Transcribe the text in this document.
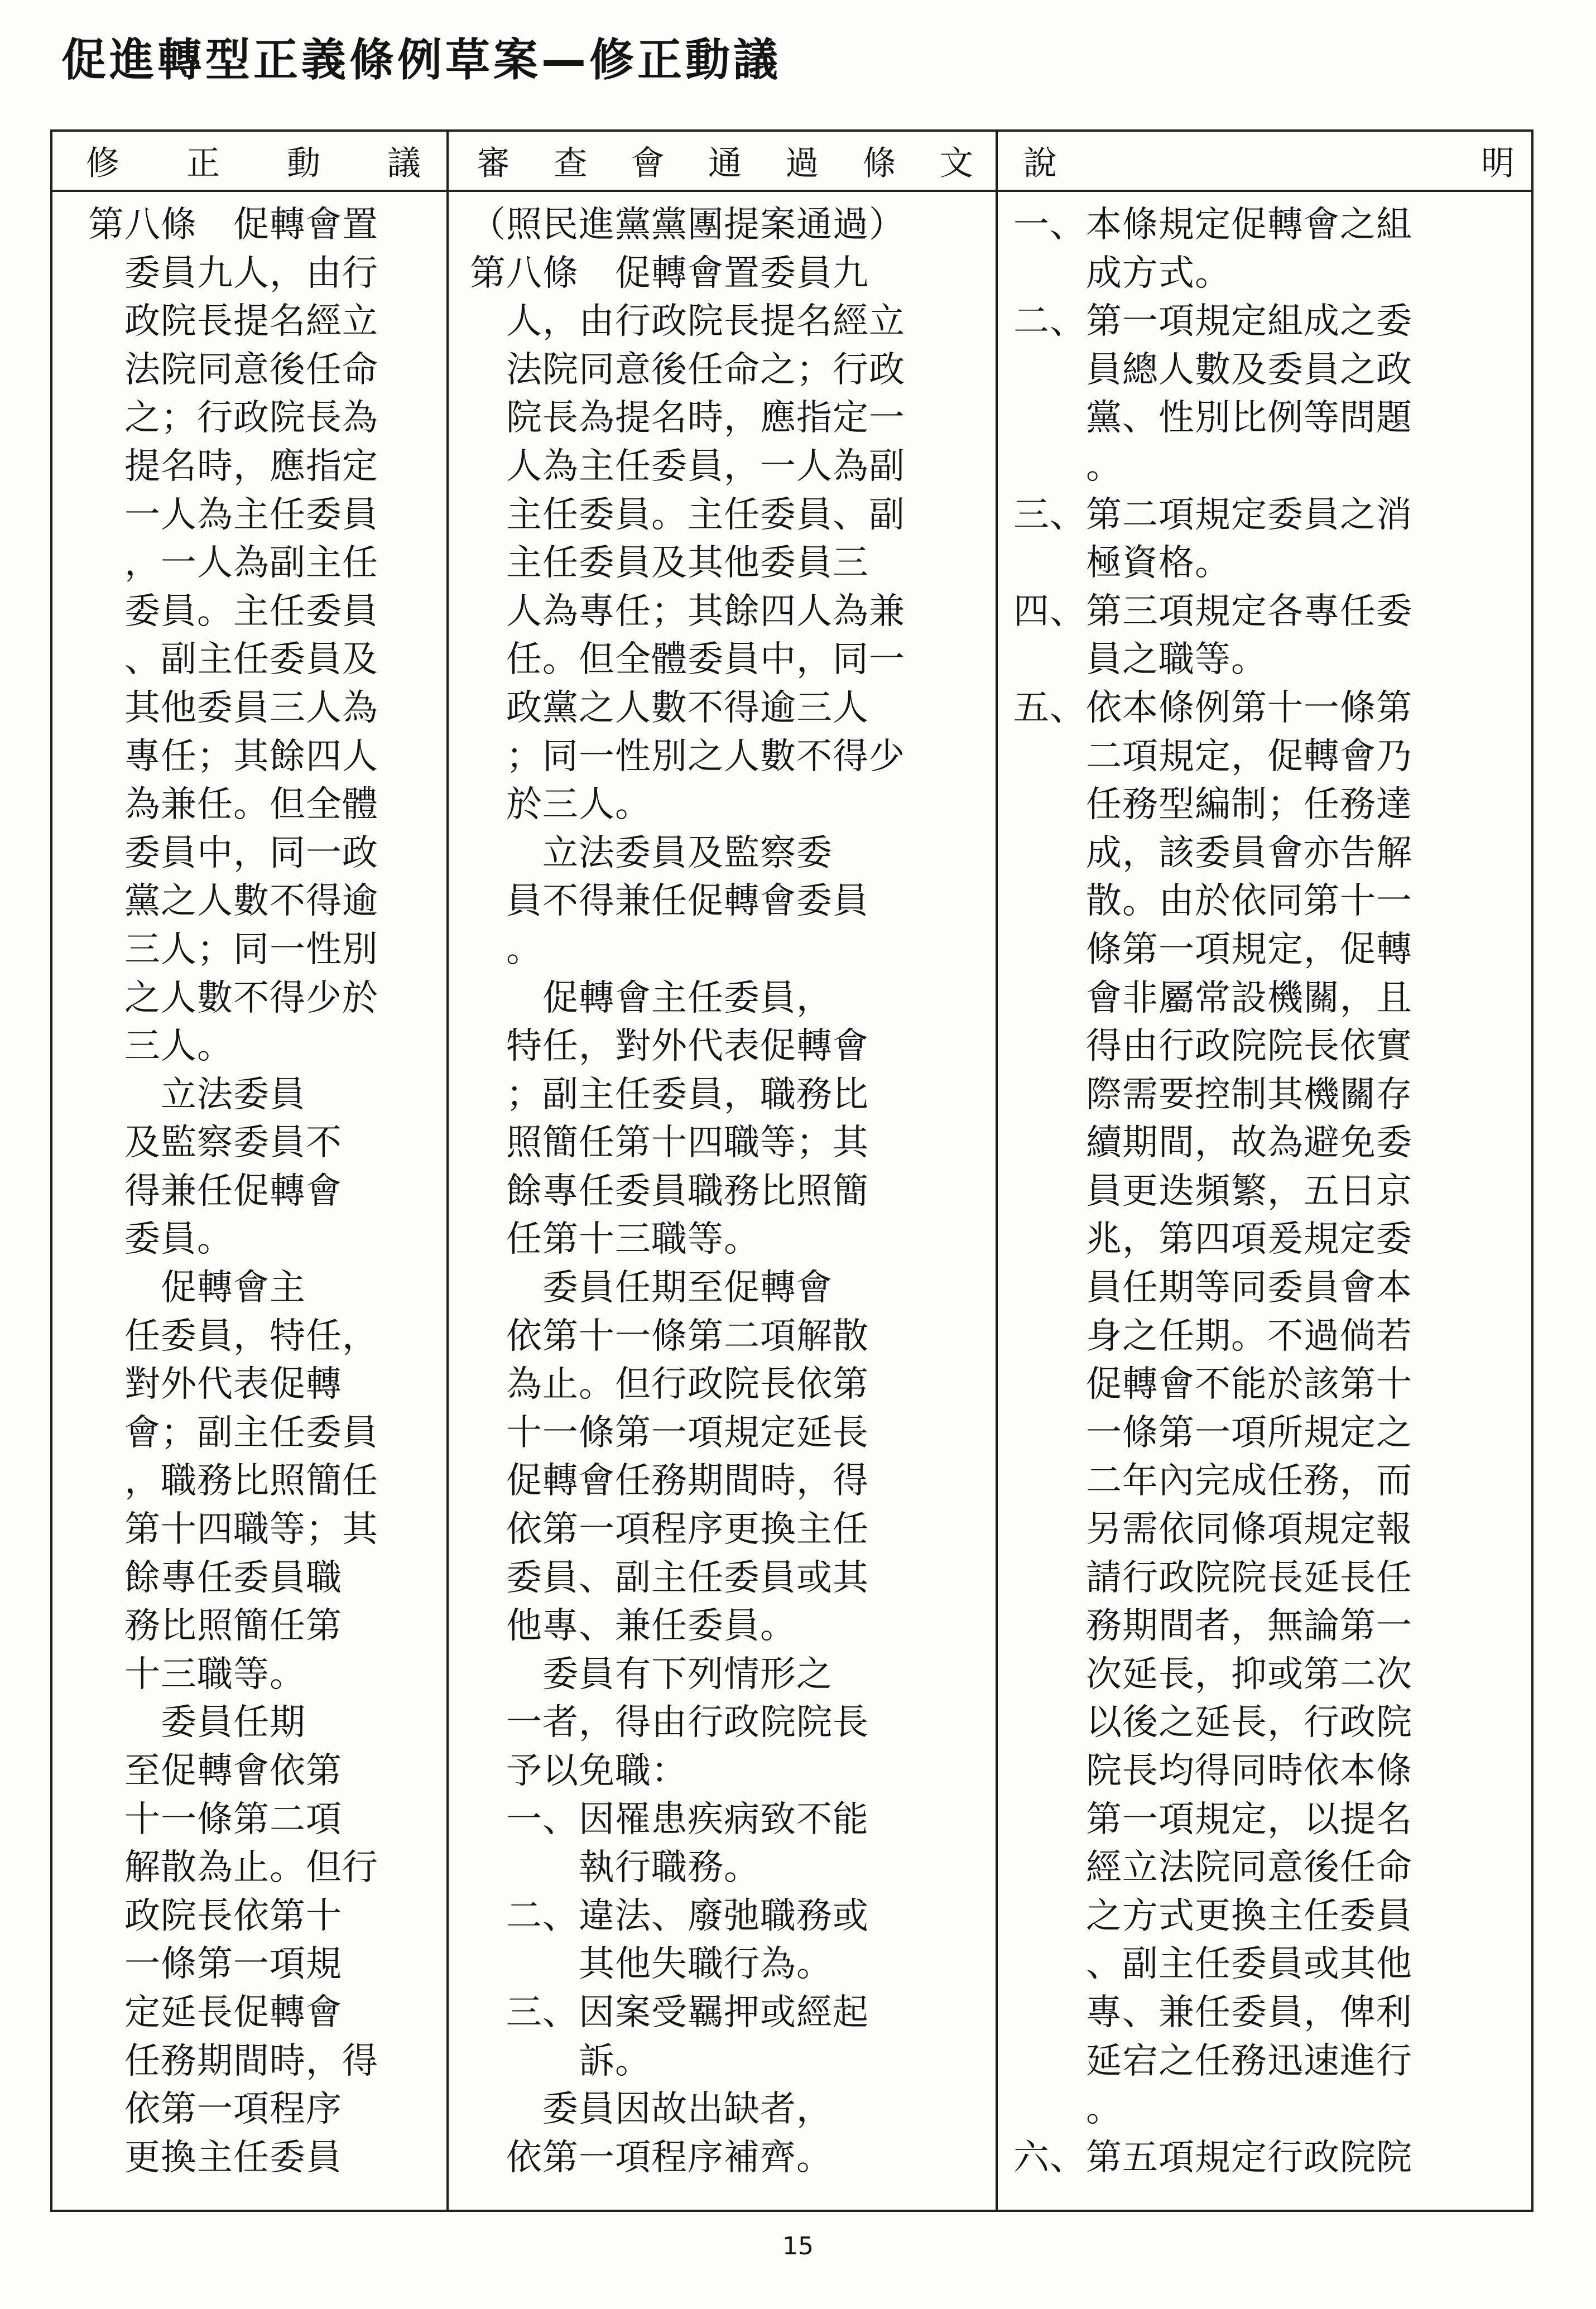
促進轉型正義條例草案—修正動議
修 正 動 議 審 查 會 通 過 條 文 說	明
第八條　促轉會置
　委員九人，由行
　政院長提名經立
　法院同意後任命
　之；行政院長為
　提名時，應指定
　一人為主任委員
　，一人為副主任
　委員。主任委員
　、副主任委員及
　其他委員三人為
　專任；其餘四人
　為兼任。但全體
　委員中，同一政
　黨之人數不得逾
　三人；同一性別
　之人數不得少於
　三人。
　　立法委員
　及監察委員不
　得兼任促轉會
　委員。
　　促轉會主
　任委員，特任，
　對外代表促轉
　會；副主任委員
　，職務比照簡任
　第十四職等；其
　餘專任委員職
　務比照簡任第
　十三職等。
　　委員任期
　至促轉會依第
　十一條第二項
　解散為止。但行
　政院長依第十
　一條第一項規
　定延長促轉會
　任務期間時，得
　依第一項程序
　更換主任委員
（照民進黨黨團提案通過）
第八條　促轉會置委員九
　人，由行政院長提名經立
　法院同意後任命之；行政
　院長為提名時，應指定一
　人為主任委員，一人為副
　主任委員。主任委員、副
　主任委員及其他委員三
　人為專任；其餘四人為兼
　任。但全體委員中，同一
　政黨之人數不得逾三人
　；同一性別之人數不得少
　於三人。
　　立法委員及監察委
　員不得兼任促轉會委員
　。
　　促轉會主任委員，
　特任，對外代表促轉會
　；副主任委員，職務比
　照簡任第十四職等；其
　餘專任委員職務比照簡
　任第十三職等。
　　委員任期至促轉會
　依第十一條第二項解散
　為止。但行政院長依第
　十一條第一項規定延長
　促轉會任務期間時，得
　依第一項程序更換主任
　委員、副主任委員或其
　他專、兼任委員。
　　委員有下列情形之
　一者，得由行政院院長
　予以免職：
　一、因罹患疾病致不能
　　　執行職務。
　二、違法、廢弛職務或
　　　其他失職行為。
　三、因案受羈押或經起
　　　訴。
　　委員因故出缺者，
　依第一項程序補齊。
一、本條規定促轉會之組
　　成方式。
二、第一項規定組成之委
　　員總人數及委員之政
　　黨、性別比例等問題
　　。
三、第二項規定委員之消
　　極資格。
四、第三項規定各專任委
　　員之職等。
五、依本條例第十一條第
　　二項規定，促轉會乃
　　任務型編制；任務達
　　成，該委員會亦告解
　　散。由於依同第十一
　　條第一項規定，促轉
　　會非屬常設機關，且
　　得由行政院院長依實
　　際需要控制其機關存
　　續期間，故為避免委
　　員更迭頻繁，五日京
　　兆，第四項爰規定委
　　員任期等同委員會本
　　身之任期。不過倘若
　　促轉會不能於該第十
　　一條第一項所規定之
　　二年內完成任務，而
　　另需依同條項規定報
　　請行政院院長延長任
　　務期間者，無論第一
　　次延長，抑或第二次
　　以後之延長，行政院
　　院長均得同時依本條
　　第一項規定，以提名
　　經立法院同意後任命
　　之方式更換主任委員
　　、副主任委員或其他
　　專、兼任委員，俾利
　　延宕之任務迅速進行
　　。
六、第五項規定行政院院
15
